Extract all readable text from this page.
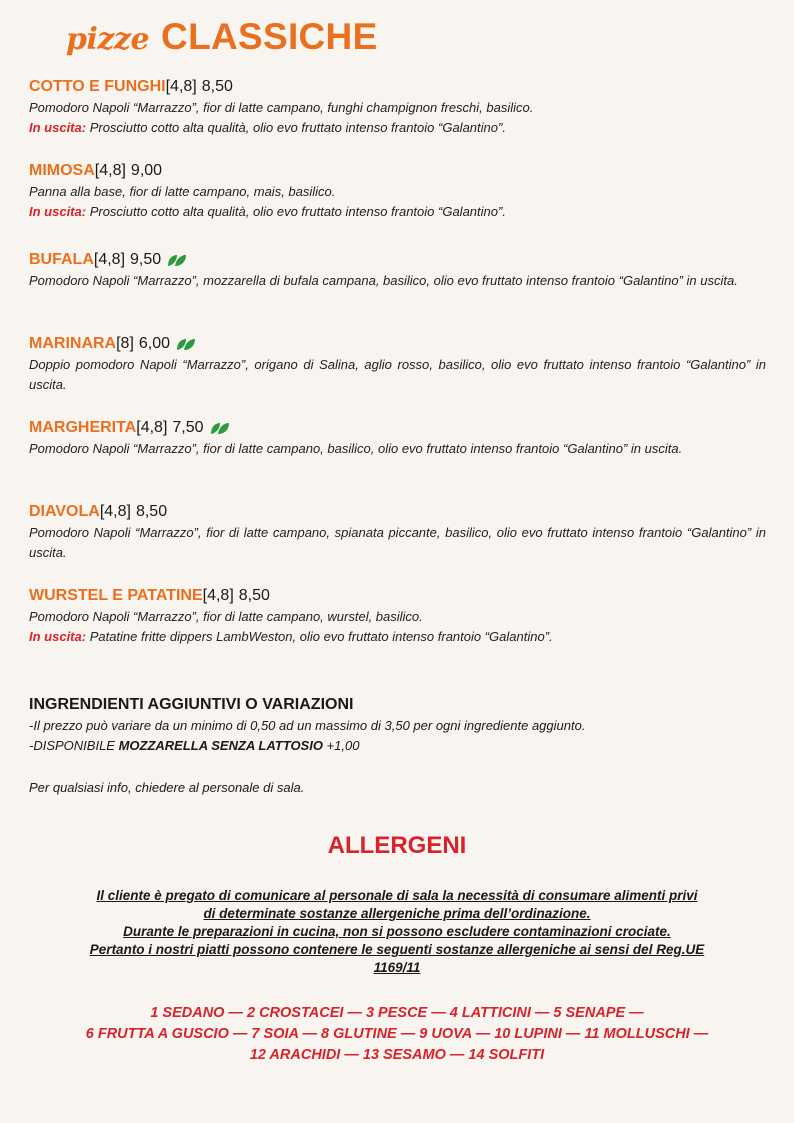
pizze CLASSICHE
COTTO E FUNGHI [4,8] 8,50
Pomodoro Napoli “Marrazzo”, fior di latte campano, funghi champignon freschi, basilico.
In uscita: Prosciutto cotto alta qualità, olio evo fruttato intenso frantoio “Galantino”.
MIMOSA [4,8] 9,00
Panna alla base, fior di latte campano, mais, basilico.
In uscita: Prosciutto cotto alta qualità, olio evo fruttato intenso frantoio “Galantino”.
BUFALA [4,8] 9,50
Pomodoro Napoli “Marrazzo”, mozzarella di bufala campana, basilico, olio evo fruttato intenso frantoio “Galantino” in uscita.
MARINARA [8] 6,00
Doppio pomodoro Napoli “Marrazzo”, origano di Salina, aglio rosso, basilico, olio evo fruttato intenso frantoio “Galantino” in uscita.
MARGHERITA [4,8] 7,50
Pomodoro Napoli “Marrazzo”, fior di latte campano, basilico, olio evo fruttato intenso frantoio “Galantino” in uscita.
DIAVOLA [4,8] 8,50
Pomodoro Napoli “Marrazzo”, fior di latte campano, spianata piccante, basilico, olio evo fruttato intenso frantoio “Galantino” in uscita.
WURSTEL E PATATINE [4,8] 8,50
Pomodoro Napoli “Marrazzo”, fior di latte campano, wurstel, basilico.
In uscita: Patatine fritte dippers LambWeston, olio evo fruttato intenso frantoio “Galantino”.
INGRENDIENTI AGGIUNTIVI O VARIAZIONI
-Il prezzo può variare da un minimo di 0,50 ad un massimo di 3,50 per ogni ingrediente aggiunto.
-DISPONIBILE MOZZARELLA SENZA LATTOSIO +1,00
Per qualsiasi info, chiedere al personale di sala.
ALLERGENI
Il cliente è pregato di comunicare al personale di sala la necessità di consumare alimenti privi
di determinate sostanze allergeniche prima dell’ordinazione.
Durante le preparazioni in cucina, non si possono escludere contaminazioni crociate.
Pertanto i nostri piatti possono contenere le seguenti sostanze allergeniche ai sensi del Reg.UE
1169/11
1 SEDANO — 2 CROSTACEI — 3 PESCE — 4 LATTICINI — 5 SENAPE —
6 FRUTTA A GUSCIO — 7 SOIA — 8 GLUTINE — 9 UOVA — 10 LUPINI — 11 MOLLUSCHI —
12 ARACHIDI — 13 SESAMO — 14 SOLFITI
